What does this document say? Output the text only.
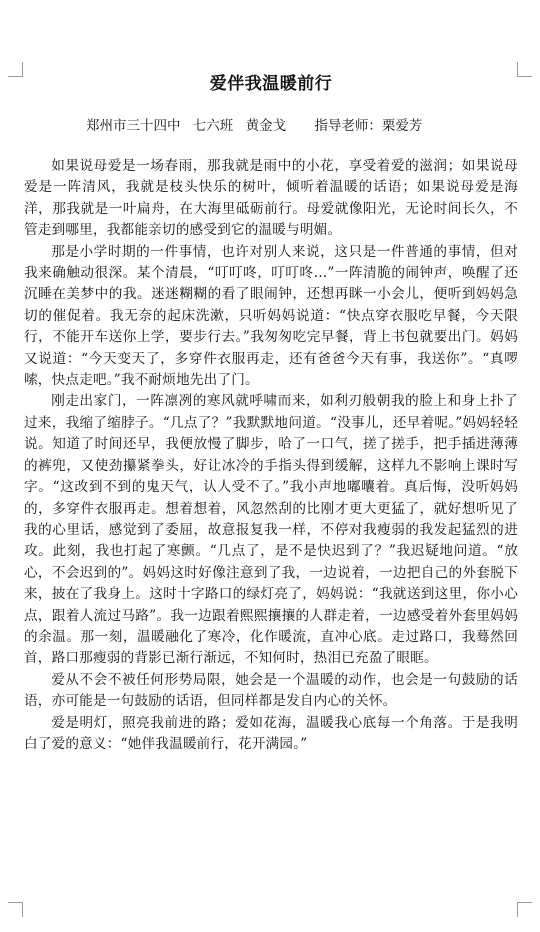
爱伴我温暖前行
郑州市三十四中 七六班 黄金戈 指导老师：栗爱芳

如果说母爱是一场春雨，那我就是雨中的小花，享受着爱的滋润；如果说母爱是一阵清风，我就是枝头快乐的树叶，倾听着温暖的话语；如果说母爱是海洋，那我就是一叶扁舟，在大海里砥砺前行。母爱就像阳光，无论时间长久，不管走到哪里，我都能亲切的感受到它的温暖与明媚。

那是小学时期的一件事情，也许对别人来说，这只是一件普通的事情，但对我来确触动很深。某个清晨，“叮叮咚，叮叮咚…”一阵清脆的闹钟声，唤醒了还沉睡在美梦中的我。迷迷糊糊的看了眼闹钟，还想再眯一小会儿，便听到妈妈急切的催促着。我无奈的起床洗漱，只听妈妈说道：“快点穿衣服吃早餐，今天限行，不能开车送你上学，要步行去。”我匆匆吃完早餐，背上书包就要出门。妈妈又说道：“今天变天了，多穿件衣服再走，还有爸爸今天有事，我送你”。“真啰嗦，快点走吧。”我不耐烦地先出了门。

刚走出家门，一阵凛冽的寒风就呼啸而来，如利刃般朝我的脸上和身上扑了过来，我缩了缩脖子。“几点了？”我默默地问道。“没事儿，还早着呢。”妈妈轻轻说。知道了时间还早，我便放慢了脚步，哈了一口气，搓了搓手，把手插进薄薄的裤兜，又使劲攥紧拳头，好让冰冷的手指头得到缓解，这样九不影响上课时写字。“这改到不到的鬼天气，认人受不了。”我小声地嘟囔着。真后悔，没听妈妈的，多穿件衣服再走。想着想着，风忽然刮的比刚才更大更猛了，就好想听见了我的心里话，感觉到了委屈，故意报复我一样，不停对我瘦弱的我发起猛烈的进攻。此刻，我也打起了寒颤。“几点了，是不是快迟到了？”我迟疑地问道。“放心，不会迟到的”。妈妈这时好像注意到了我，一边说着，一边把自己的外套脱下来，披在了我身上。这时十字路口的绿灯亮了，妈妈说：“我就送到这里，你小心点，跟着人流过马路”。我一边跟着熙熙攘攘的人群走着，一边感受着外套里妈妈的余温。那一刻，温暖融化了寒冷，化作暖流，直冲心底。走过路口，我蓦然回首，路口那瘦弱的背影已渐行渐远，不知何时，热泪已充盈了眼眶。

爱从不会不被任何形势局限，她会是一个温暖的动作，也会是一句鼓励的话语，亦可能是一句鼓励的话语，但同样都是发自内心的关怀。

爱是明灯，照亮我前进的路；爱如花海，温暖我心底每一个角落。于是我明白了爱的意义：“她伴我温暖前行，花开满园。”
